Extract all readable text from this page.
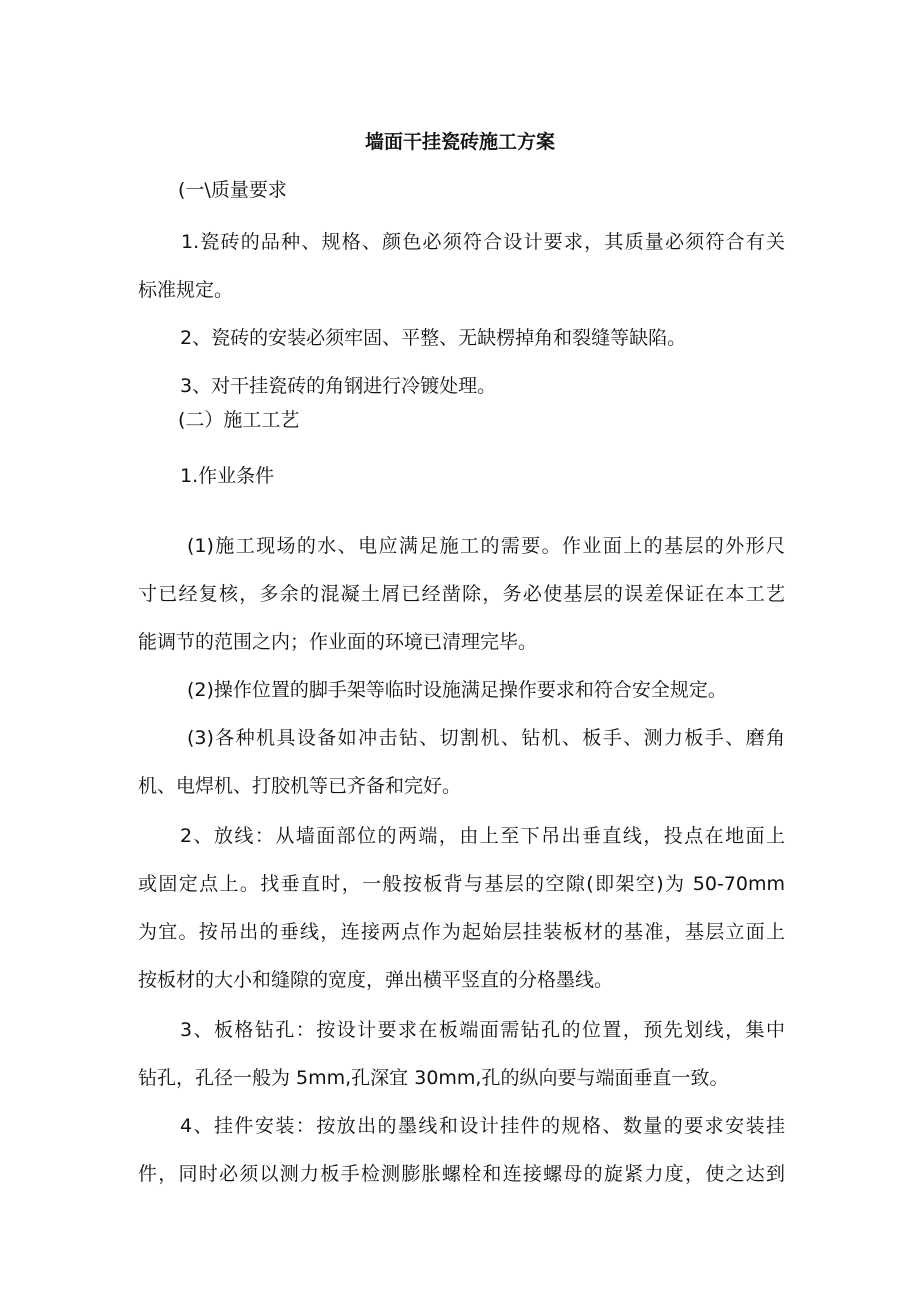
墙面干挂瓷砖施工方案
(一\质量要求
1.瓷砖的品种、规格、颜色必须符合设计要求，其质量必须符合有关
标准规定。
2、瓷砖的安装必须牢固、平整、无缺楞掉角和裂缝等缺陷。
3、对干挂瓷砖的角钢进行冷镀处理。
(二）施工工艺
1.作业条件
(1)施工现场的水、电应满足施工的需要。作业面上的基层的外形尺
寸已经复核，多余的混凝土屑已经凿除，务必使基层的误差保证在本工艺
能调节的范围之内；作业面的环境已清理完毕。
(2)操作位置的脚手架等临时设施满足操作要求和符合安全规定。
(3)各种机具设备如冲击钻、切割机、钻机、板手、测力板手、磨角
机、电焊机、打胶机等已齐备和完好。
2、放线：从墙面部位的两端，由上至下吊出垂直线，投点在地面上
或固定点上。找垂直时，一般按板背与基层的空隙(即架空)为 50-70mm
为宜。按吊出的垂线，连接两点作为起始层挂装板材的基准，基层立面上
按板材的大小和缝隙的宽度，弹出横平竖直的分格墨线。
3、板格钻孔：按设计要求在板端面需钻孔的位置，预先划线，集中
钻孔，孔径一般为 5mm,孔深宜 30mm,孔的纵向要与端面垂直一致。
4、挂件安装：按放出的墨线和设计挂件的规格、数量的要求安装挂
件，同时必须以测力板手检测膨胀螺栓和连接螺母的旋紧力度，使之达到
